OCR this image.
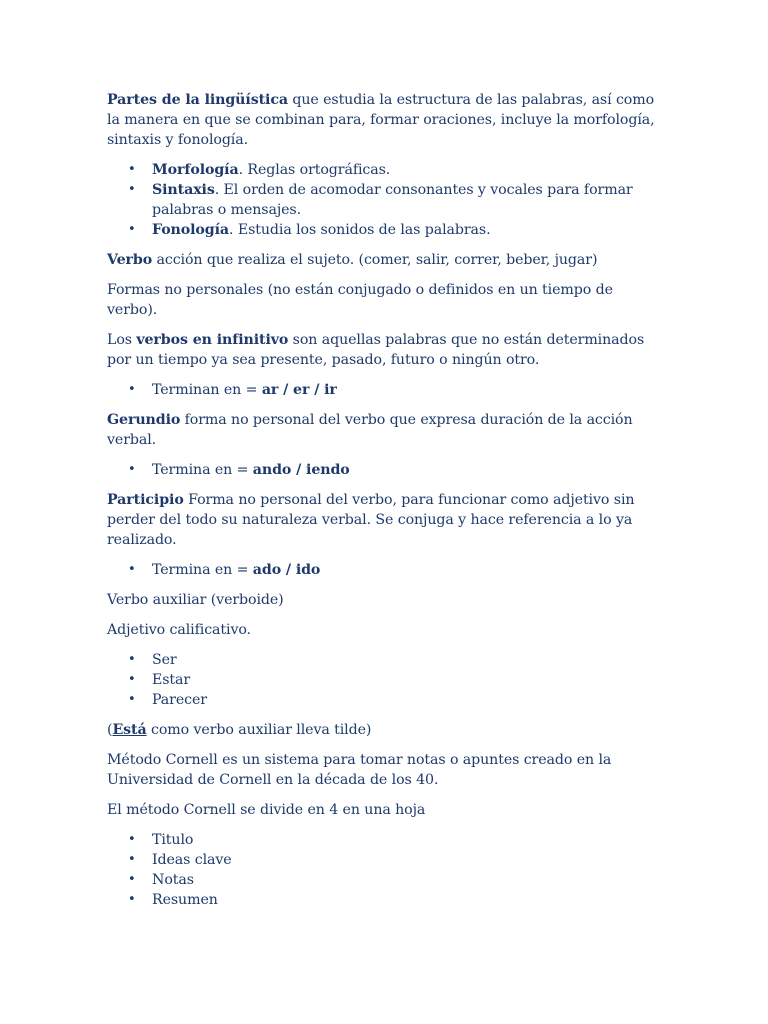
Partes de la lingüística que estudia la estructura de las palabras, así como la manera en que se combinan para, formar oraciones, incluye la morfología, sintaxis y fonología.

• Morfología. Reglas ortográficas.
• Sintaxis. El orden de acomodar consonantes y vocales para formar palabras o mensajes.
• Fonología. Estudia los sonidos de las palabras.

Verbo acción que realiza el sujeto. (comer, salir, correr, beber, jugar)

Formas no personales (no están conjugado o definidos en un tiempo de verbo).

Los verbos en infinitivo son aquellas palabras que no están determinados por un tiempo ya sea presente, pasado, futuro o ningún otro.

• Terminan en = ar / er / ir

Gerundio forma no personal del verbo que expresa duración de la acción verbal.

• Termina en = ando / iendo

Participio Forma no personal del verbo, para funcionar como adjetivo sin perder del todo su naturaleza verbal. Se conjuga y hace referencia a lo ya realizado.

• Termina en = ado / ido

Verbo auxiliar (verboide)

Adjetivo calificativo.

• Ser
• Estar
• Parecer

(Está como verbo auxiliar lleva tilde)

Método Cornell es un sistema para tomar notas o apuntes creado en la Universidad de Cornell en la década de los 40.

El método Cornell se divide en 4 en una hoja

• Titulo
• Ideas clave
• Notas
• Resumen
